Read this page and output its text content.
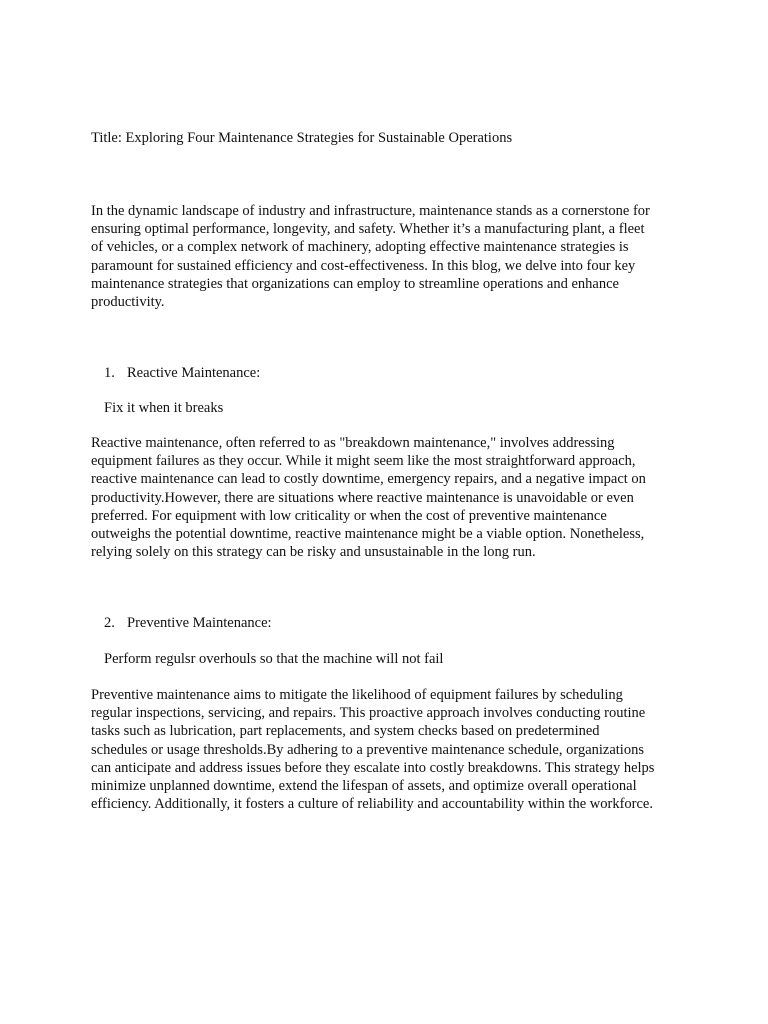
Title: Exploring Four Maintenance Strategies for Sustainable Operations
In the dynamic landscape of industry and infrastructure, maintenance stands as a cornerstone for
ensuring optimal performance, longevity, and safety. Whether it’s a manufacturing plant, a fleet
of vehicles, or a complex network of machinery, adopting effective maintenance strategies is
paramount for sustained efficiency and cost-effectiveness. In this blog, we delve into four key
maintenance strategies that organizations can employ to streamline operations and enhance
productivity.
1. Reactive Maintenance:
Fix it when it breaks
Reactive maintenance, often referred to as "breakdown maintenance," involves addressing
equipment failures as they occur. While it might seem like the most straightforward approach,
reactive maintenance can lead to costly downtime, emergency repairs, and a negative impact on
productivity.However, there are situations where reactive maintenance is unavoidable or even
preferred. For equipment with low criticality or when the cost of preventive maintenance
outweighs the potential downtime, reactive maintenance might be a viable option. Nonetheless,
relying solely on this strategy can be risky and unsustainable in the long run.
2. Preventive Maintenance:
Perform regulsr overhouls so that the machine will not fail
Preventive maintenance aims to mitigate the likelihood of equipment failures by scheduling
regular inspections, servicing, and repairs. This proactive approach involves conducting routine
tasks such as lubrication, part replacements, and system checks based on predetermined
schedules or usage thresholds.By adhering to a preventive maintenance schedule, organizations
can anticipate and address issues before they escalate into costly breakdowns. This strategy helps
minimize unplanned downtime, extend the lifespan of assets, and optimize overall operational
efficiency. Additionally, it fosters a culture of reliability and accountability within the workforce.
